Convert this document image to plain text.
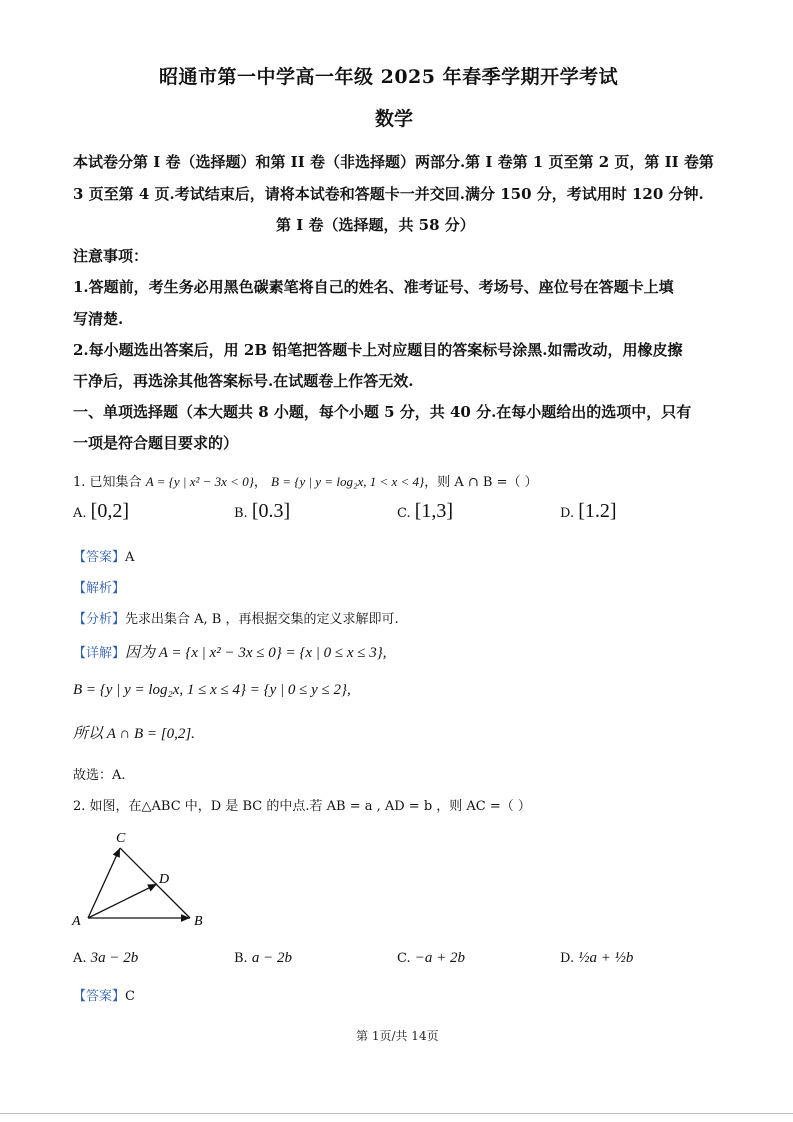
昭通市第一中学高一年级 2025 年春季学期开学考试
数学
本试卷分第 I 卷（选择题）和第 II 卷（非选择题）两部分.第 I 卷第 1 页至第 2 页，第 II 卷第
3 页至第 4 页.考试结束后，请将本试卷和答题卡一并交回.满分 150 分，考试用时 120 分钟.
第 I 卷（选择题，共 58 分）
注意事项：
1.答题前，考生务必用黑色碳素笔将自己的姓名、准考证号、考场号、座位号在答题卡上填
写清楚.
2.每小题选出答案后，用 2B 铅笔把答题卡上对应题目的答案标号涂黑.如需改动，用橡皮擦
干净后，再选涂其他答案标号.在试题卷上作答无效.
一、单项选择题（本大题共 8 小题，每个小题 5 分，共 40 分.在每小题给出的选项中，只有
一项是符合题目要求的）
1. 已知集合 A = {y | x² − 3x < 0}， B = {y | y = log₂x, 1 < x < 4}，则 A ∩ B =（ ）
A. [0,2]	B. [0.3]	C. [1,3]	D. [1.2]
【答案】A
【解析】
【分析】先求出集合 A, B ，再根据交集的定义求解即可.
【详解】因为 A = {x | x² − 3x ≤ 0} = {x | 0 ≤ x ≤ 3},
B = {y | y = log₂x, 1 ≤ x ≤ 4} = {y | 0 ≤ y ≤ 2},
所以 A ∩ B = [0,2].
故选：A.
2. 如图，在△ABC 中，D 是 BC 的中点.若 AB = a , AD = b ，则 AC =（ ）
C
D
A	B
A. 3a − 2b	B. a − 2b	C. −a + 2b	D. ½a + ½b
【答案】C
第 1页/共 14页
